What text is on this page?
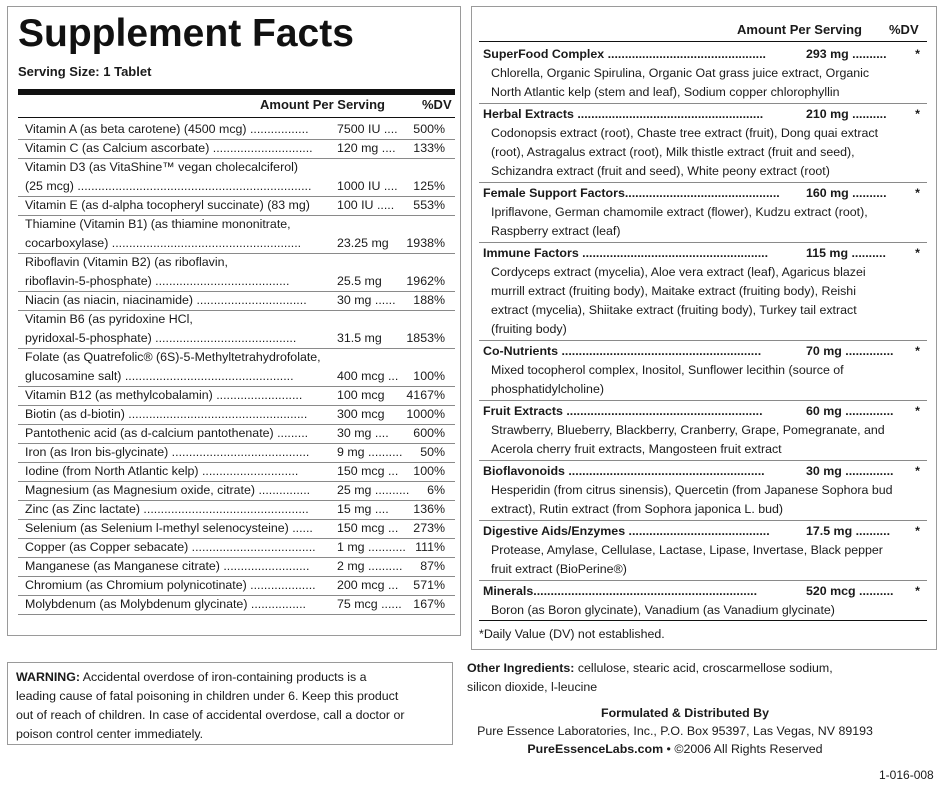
Supplement Facts
Serving Size: 1 Tablet
Amount Per Serving	%DV
Vitamin A (as beta carotene) (4500 mcg) ................. 7500 IU .... 500%
Vitamin C (as Calcium ascorbate) ............................. 120 mg .... 133%
Vitamin D3 (as VitaShine™ vegan cholecalciferol)
(25 mcg) .................................................................... 1000 IU .... 125%
Vitamin E (as d-alpha tocopheryl succinate) (83 mg) 100 IU ..... 553%
Thiamine (Vitamin B1) (as thiamine mononitrate,
cocarboxylase) .......................................................	23.25 mg 1938%
Riboflavin (Vitamin B2) (as riboflavin,
riboflavin-5-phosphate) .......................................	25.5 mg 1962%
Niacin (as niacin, niacinamide) ................................ 30 mg ...... 188%
Vitamin B6 (as pyridoxine HCl,
pyridoxal-5-phosphate) .........................................	31.5 mg 1853%
Folate (as Quatrefolic® (6S)-5-Methyltetrahydrofolate,
glucosamine salt) .................................................	400 mcg ... 100%
Vitamin B12 (as methylcobalamin) .........................	100 mcg 4167%
Biotin (as d-biotin) .................................................... 300 mcg 1000%
Pantothenic acid (as d-calcium pantothenate) ......... 30 mg .... 600%
Iron (as Iron bis-glycinate) ........................................ 9 mg .......... 50%
Iodine (from North Atlantic kelp) ............................	150 mcg ... 100%
Magnesium (as Magnesium oxide, citrate) ............... 25 mg .......... 6%
Zinc (as Zinc lactate) ................................................ 15 mg .... 136%
Selenium (as Selenium l-methyl selenocysteine) ...... 150 mcg ... 273%
Copper (as Copper sebacate) .................................... 1 mg ........... 111%
Manganese (as Manganese citrate) ......................... 2 mg .......... 87%
Chromium (as Chromium polynicotinate) ................... 200 mcg ... 571%
Molybdenum (as Molybdenum glycinate) ................	75 mcg ...... 167%
Amount Per Serving %DV
SuperFood Complex ..............................................	293 mg .......... *
Chlorella, Organic Spirulina, Organic Oat grass juice extract, Organic
North Atlantic kelp (stem and leaf), Sodium copper chlorophyllin
Herbal Extracts ......................................................	210 mg .......... *
Codonopsis extract (root), Chaste tree extract (fruit), Dong quai extract
(root), Astragalus extract (root), Milk thistle extract (fruit and seed),
Schizandra extract (fruit and seed), White peony extract (root)
Female Support Factors............................................. 160 mg .......... *
Ipriflavone, German chamomile extract (flower), Kudzu extract (root),
Raspberry extract (leaf)
Immune Factors ......................................................	115 mg .......... *
Cordyceps extract (mycelia), Aloe vera extract (leaf), Agaricus blazei
murrill extract (fruiting body), Maitake extract (fruiting body), Reishi
extract (mycelia), Shiitake extract (fruiting body), Turkey tail extract
(fruiting body)
Co-Nutrients ..........................................................	70 mg .............. *
Mixed tocopherol complex, Inositol, Sunflower lecithin (source of
phosphatidylcholine)
Fruit Extracts .........................................................	60 mg .............. *
Strawberry, Blueberry, Blackberry, Cranberry, Grape, Pomegranate, and
Acerola cherry fruit extracts, Mangosteen fruit extract
Bioflavonoids .........................................................	30 mg .............. *
Hesperidin (from citrus sinensis), Quercetin (from Japanese Sophora bud
extract), Rutin extract (from Sophora japonica L. bud)
Digestive Aids/Enzymes .........................................	17.5 mg .......... *
Protease, Amylase, Cellulase, Lactase, Lipase, Invertase, Black pepper
fruit extract (BioPerine®)
Minerals.................................................................	520 mcg .......... *
Boron (as Boron glycinate), Vanadium (as Vanadium glycinate)
*Daily Value (DV) not established.
WARNING: Accidental overdose of iron-containing products is a
leading cause of fatal poisoning in children under 6. Keep this product
out of reach of children. In case of accidental overdose, call a doctor or
poison control center immediately.
Other Ingredients: cellulose, stearic acid, croscarmellose sodium,
silicon dioxide, l-leucine
Formulated & Distributed By
Pure Essence Laboratories, Inc., P.O. Box 95397, Las Vegas, NV 89193
PureEssenceLabs.com • ©2006 All Rights Reserved
1-016-008
